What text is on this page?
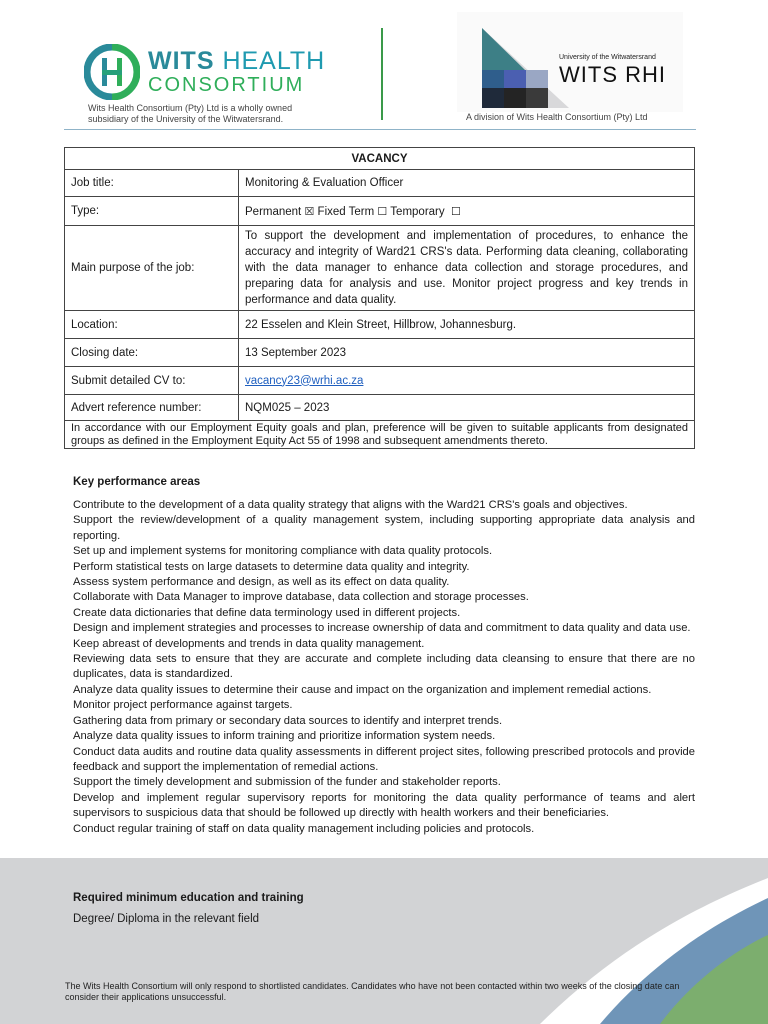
WITS HEALTH
CONSORTIUM
Wits Health Consortium (Pty) Ltd is a wholly owned subsidiary of the University of the Witwatersrand.
University of the Witwatersrand
WITS RHI
A division of Wits Health Consortium (Pty) Ltd
VACANCY	
Job title:	Monitoring & Evaluation Officer
Type:	Permanent ☒ Fixed Term ☐ Temporary ☐
Main purpose of the job:	To support the development and implementation of procedures, to enhance the accuracy and integrity of Ward21 CRS's data. Performing data cleaning, collaborating with the data manager to enhance data collection and storage procedures, and preparing data for analysis and use. Monitor project progress and key trends in performance and data quality.
Location:	22 Esselen and Klein Street, Hillbrow, Johannesburg.
Closing date:	13 September 2023
Submit detailed CV to:	vacancy23@wrhi.ac.za
Advert reference number:	NQM025 – 2023
In accordance with our Employment Equity goals and plan, preference will be given to suitable applicants from designated groups as defined in the Employment Equity Act 55 of 1998 and subsequent amendments thereto.	
Key performance areas
Contribute to the development of a data quality strategy that aligns with the Ward21 CRS's goals and objectives.
Support the review/development of a quality management system, including supporting appropriate data analysis and reporting.
Set up and implement systems for monitoring compliance with data quality protocols.
Perform statistical tests on large datasets to determine data quality and integrity.
Assess system performance and design, as well as its effect on data quality.
Collaborate with Data Manager to improve database, data collection and storage processes.
Create data dictionaries that define data terminology used in different projects.
Design and implement strategies and processes to increase ownership of data and commitment to data quality and data use.
Keep abreast of developments and trends in data quality management.
Reviewing data sets to ensure that they are accurate and complete including data cleansing to ensure that there are no duplicates, data is standardized.
Analyze data quality issues to determine their cause and impact on the organization and implement remedial actions.
Monitor project performance against targets.
Gathering data from primary or secondary data sources to identify and interpret trends.
Analyze data quality issues to inform training and prioritize information system needs.
Conduct data audits and routine data quality assessments in different project sites, following prescribed protocols and provide feedback and support the implementation of remedial actions.
Support the timely development and submission of the funder and stakeholder reports.
Develop and implement regular supervisory reports for monitoring the data quality performance of teams and alert supervisors to suspicious data that should be followed up directly with health workers and their beneficiaries.
Conduct regular training of staff on data quality management including policies and protocols.
Required minimum education and training
Degree/ Diploma in the relevant field
The Wits Health Consortium will only respond to shortlisted candidates. Candidates who have not been contacted within two weeks of the closing date can consider their applications unsuccessful.
